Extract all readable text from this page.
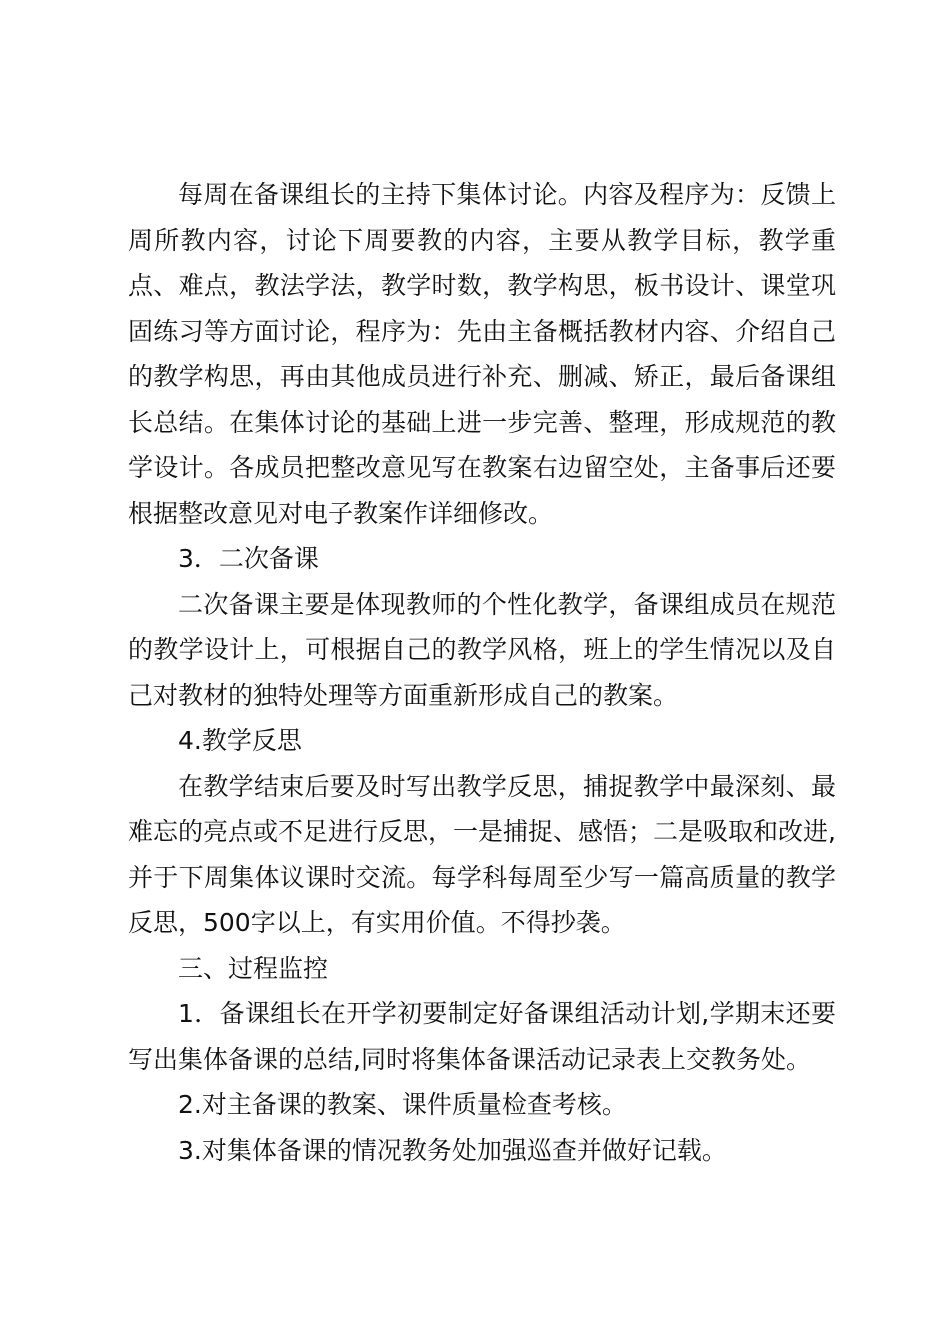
每周在备课组长的主持下集体讨论。内容及程序为：反馈上周所教内容，讨论下周要教的内容，主要从教学目标，教学重点、难点，教法学法，教学时数，教学构思，板书设计、课堂巩固练习等方面讨论，程序为：先由主备概括教材内容、介绍自己的教学构思，再由其他成员进行补充、删减、矫正，最后备课组长总结。在集体讨论的基础上进一步完善、整理，形成规范的教学设计。各成员把整改意见写在教案右边留空处，主备事后还要根据整改意见对电子教案作详细修改。

3．二次备课

二次备课主要是体现教师的个性化教学，备课组成员在规范的教学设计上，可根据自己的教学风格，班上的学生情况以及自己对教材的独特处理等方面重新形成自己的教案。

4.教学反思

在教学结束后要及时写出教学反思，捕捉教学中最深刻、最难忘的亮点或不足进行反思，一是捕捉、感悟；二是吸取和改进,并于下周集体议课时交流。每学科每周至少写一篇高质量的教学反思，500字以上，有实用价值。不得抄袭。

三、过程监控

1．备课组长在开学初要制定好备课组活动计划,学期末还要写出集体备课的总结,同时将集体备课活动记录表上交教务处。

2.对主备课的教案、课件质量检查考核。

3.对集体备课的情况教务处加强巡查并做好记载。
